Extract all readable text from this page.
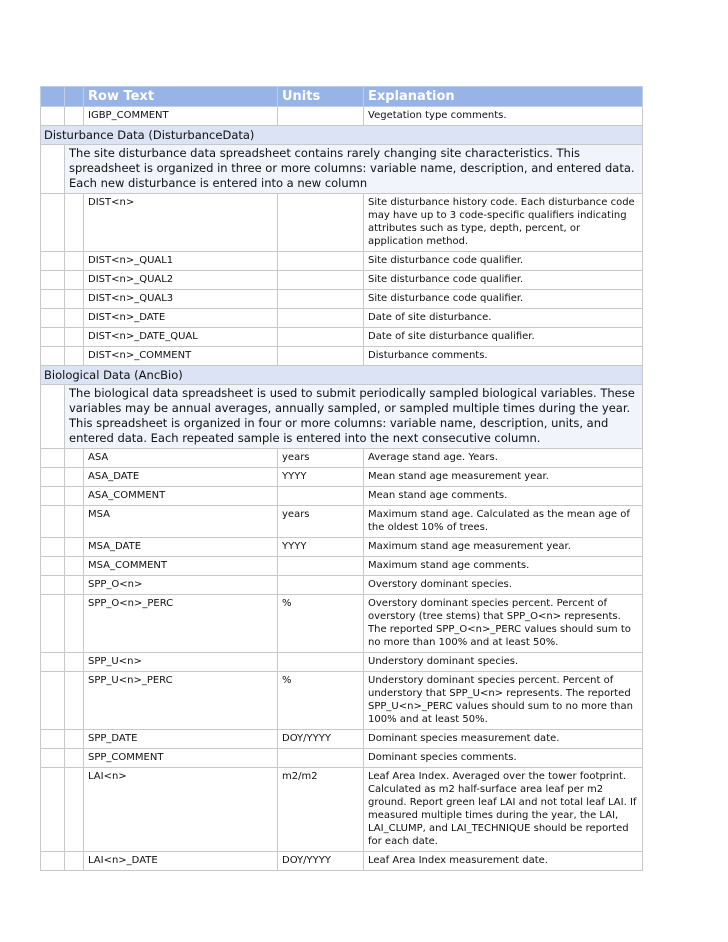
		Row Text	Units	Explanation
		IGBP_COMMENT		Vegetation type comments.
Disturbance Data (DisturbanceData)				
	The site disturbance data spreadsheet contains rarely changing site characteristics. This spreadsheet is organized in three or more columns: variable name, description, and entered data. Each new disturbance is entered into a new column			
		DIST<n>		Site disturbance history code. Each disturbance code may have up to 3 code-specific qualifiers indicating attributes such as type, depth, percent, or application method.
		DIST<n>_QUAL1		Site disturbance code qualifier.
		DIST<n>_QUAL2		Site disturbance code qualifier.
		DIST<n>_QUAL3		Site disturbance code qualifier.
		DIST<n>_DATE		Date of site disturbance.
		DIST<n>_DATE_QUAL		Date of site disturbance qualifier.
		DIST<n>_COMMENT		Disturbance comments.
Biological Data (AncBio)				
	The biological data spreadsheet is used to submit periodically sampled biological variables. These variables may be annual averages, annually sampled, or sampled multiple times during the year. This spreadsheet is organized in four or more columns: variable name, description, units, and entered data. Each repeated sample is entered into the next consecutive column.			
		ASA	years	Average stand age. Years.
		ASA_DATE	YYYY	Mean stand age measurement year.
		ASA_COMMENT		Mean stand age comments.
		MSA	years	Maximum stand age. Calculated as the mean age of the oldest 10% of trees.
		MSA_DATE	YYYY	Maximum stand age measurement year.
		MSA_COMMENT		Maximum stand age comments.
		SPP_O<n>		Overstory dominant species.
		SPP_O<n>_PERC	%	Overstory dominant species percent. Percent of overstory (tree stems) that SPP_O<n> represents. The reported SPP_O<n>_PERC values should sum to no more than 100% and at least 50%.
		SPP_U<n>		Understory dominant species.
		SPP_U<n>_PERC	%	Understory dominant species percent. Percent of understory that SPP_U<n> represents. The reported SPP_U<n>_PERC values should sum to no more than 100% and at least 50%.
		SPP_DATE	DOY/YYYY	Dominant species measurement date.
		SPP_COMMENT		Dominant species comments.
		LAI<n>	m2/m2	Leaf Area Index. Averaged over the tower footprint. Calculated as m2 half-surface area leaf per m2 ground. Report green leaf LAI and not total leaf LAI. If measured multiple times during the year, the LAI, LAI_CLUMP, and LAI_TECHNIQUE should be reported for each date.
		LAI<n>_DATE	DOY/YYYY	Leaf Area Index measurement date.
